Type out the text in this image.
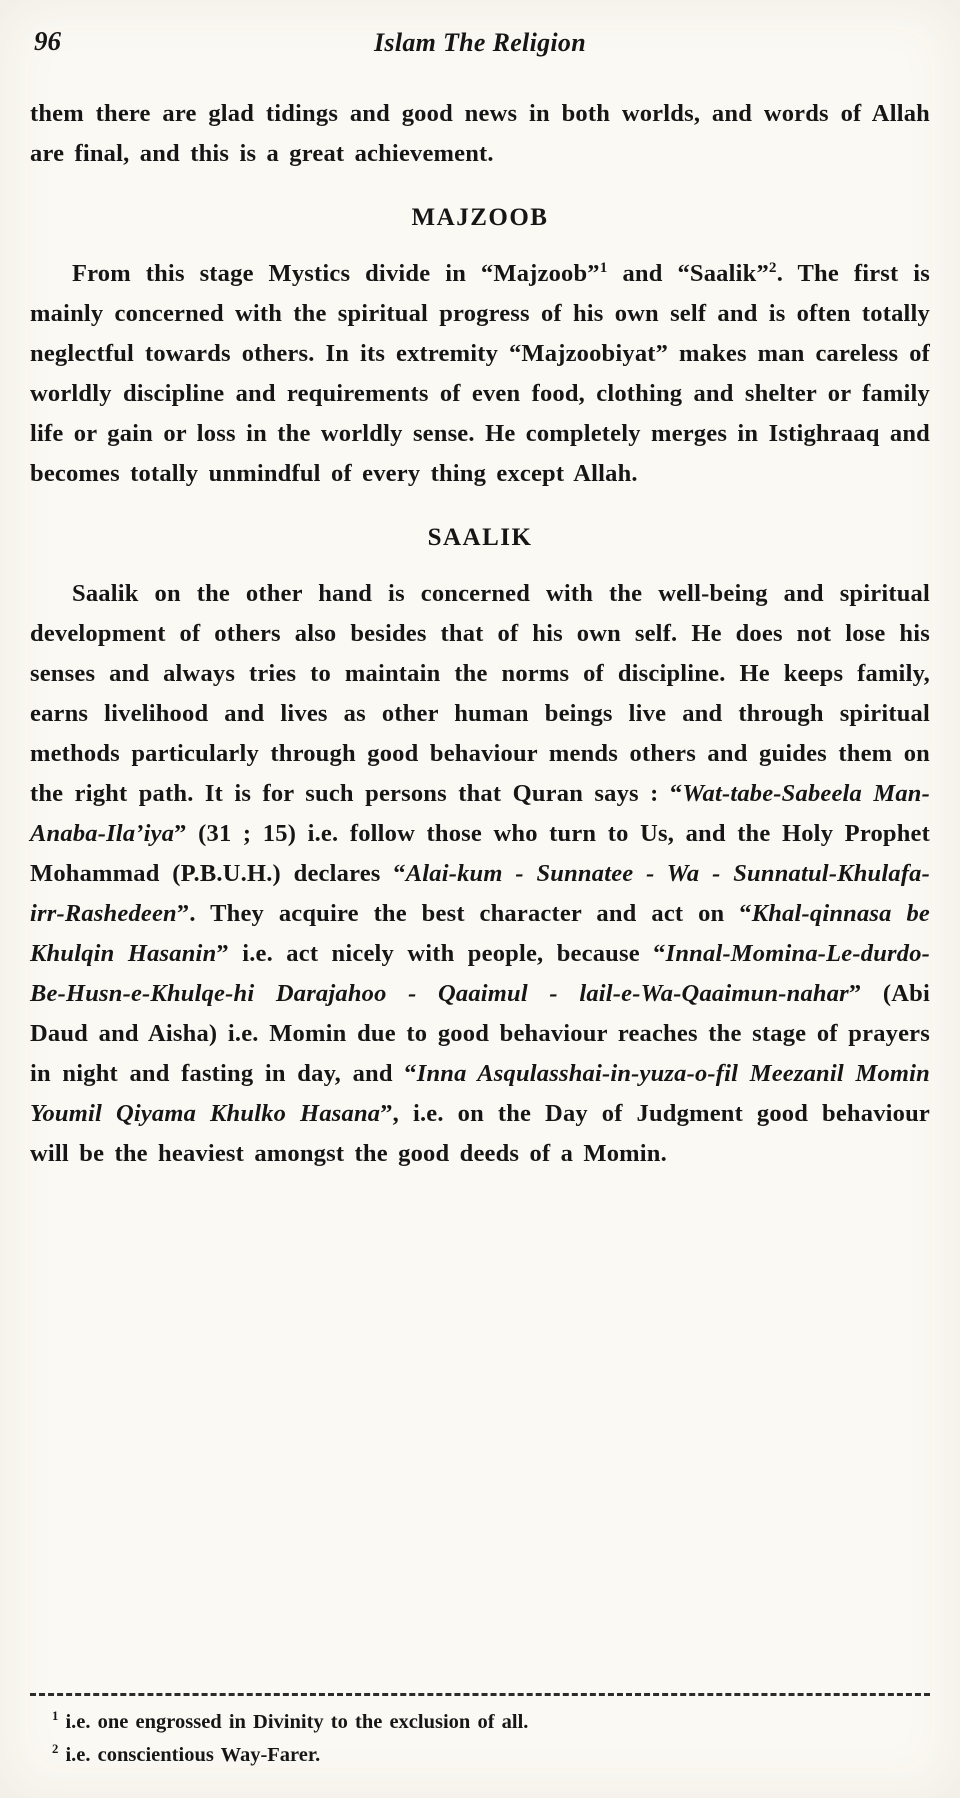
96	Islam The Religion

them there are glad tidings and good news in both worlds, and words of Allah are final, and this is a great achievement.

MAJZOOB

From this stage Mystics divide in “Majzoob”$^1$ and “Saalik”$^2$. The first is mainly concerned with the spiritual progress of his own self and is often totally neglectful towards others. In its extremity “Majzoobiyat” makes man careless of worldly discipline and requirements of even food, clothing and shelter or family life or gain or loss in the worldly sense. He completely merges in Istighraaq and becomes totally unmindful of every thing except Allah.

SAALIK

Saalik on the other hand is concerned with the well-being and spiritual development of others also besides that of his own self. He does not lose his senses and always tries to maintain the norms of discipline. He keeps family, earns livelihood and lives as other human beings live and through spiritual methods particularly through good behaviour mends others and guides them on the right path. It is for such persons that Quran says : “Wat-tabe-Sabeela Man-Anaba-Ila’iya” (31 ; 15) i.e. follow those who turn to Us, and the Holy Prophet Mohammad (P.B.U.H.) declares “Alai-kum - Sunnatee - Wa - Sunnatul-Khulafa-irr-Rashedeen”. They acquire the best character and act on “Khal-qinnasa be Khulqin Hasanin” i.e. act nicely with people, because “Innal-Momina-Le-durdo-Be-Husn-e-Khulqe-hi Darajahoo - Qaaimul - lail-e-Wa-Qaaimun-nahar” (Abi Daud and Aisha) i.e. Momin due to good behaviour reaches the stage of prayers in night and fasting in day, and “Inna Asqulasshai-in-yuza-o-fil Meezanil Momin Youmil Qiyama Khulko Hasana”, i.e. on the Day of Judgment good behaviour will be the heaviest amongst the good deeds of a Momin.

$^1$ i.e. one engrossed in Divinity to the exclusion of all.

$^2$ i.e. conscientious Way-Farer.
